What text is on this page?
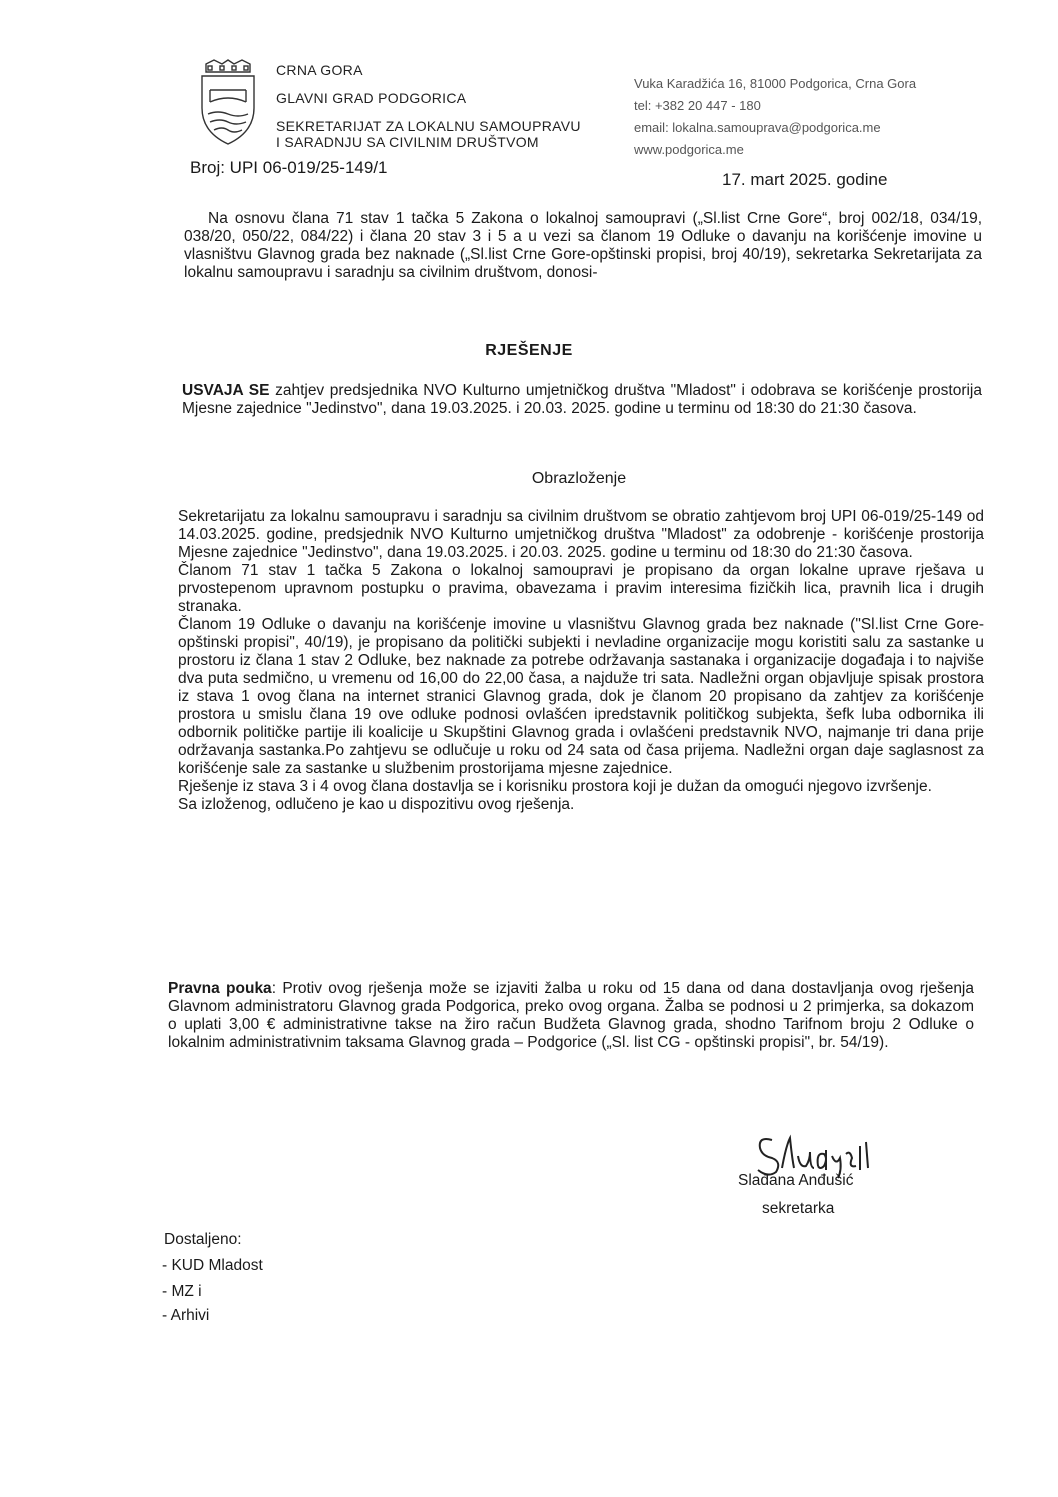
CRNA GORA
GLAVNI GRAD PODGORICA
SEKRETARIJAT ZA LOKALNU SAMOUPRAVU
I SARADNJU SA CIVILNIM DRUŠTVOM
Vuka Karadžića 16, 81000 Podgorica, Crna Gora
tel: +382 20 447 - 180
email: lokalna.samouprava@podgorica.me
www.podgorica.me
Broj: UPI 06-019/25-149/1
17. mart 2025. godine

Na osnovu člana 71 stav 1 tačka 5 Zakona o lokalnoj samoupravi („Sl.list Crne Gore“, broj 002/18, 034/19, 038/20, 050/22, 084/22) i člana 20 stav 3 i 5 a u vezi sa članom 19 Odluke o davanju na korišćenje imovine u vlasništvu Glavnog grada bez naknade („Sl.list Crne Gore-opštinski propisi, broj 40/19), sekretarka Sekretarijata za lokalnu samoupravu i saradnju sa civilnim društvom, donosi-

RJEŠENJE

USVAJA SE zahtjev predsjednika NVO Kulturno umjetničkog društva "Mladost" i odobrava se korišćenje prostorija Mjesne zajednice "Jedinstvo", dana 19.03.2025. i 20.03. 2025. godine u terminu od 18:30 do 21:30 časova.

Obrazloženje

Sekretarijatu za lokalnu samoupravu i saradnju sa civilnim društvom se obratio zahtjevom broj UPI 06-019/25-149 od 14.03.2025. godine, predsjednik NVO Kulturno umjetničkog društva "Mladost" za odobrenje - korišćenje prostorija Mjesne zajednice "Jedinstvo", dana 19.03.2025. i 20.03. 2025. godine u terminu od 18:30 do 21:30 časova.

Članom 71 stav 1 tačka 5 Zakona o lokalnoj samoupravi je propisano da organ lokalne uprave rješava u prvostepenom upravnom postupku o pravima, obavezama i pravim interesima fizičkih lica, pravnih lica i drugih stranaka.

Članom 19 Odluke o davanju na korišćenje imovine u vlasništvu Glavnog grada bez naknade ("Sl.list Crne Gore-opštinski propisi", 40/19), je propisano da politički subjekti i nevladine organizacije mogu koristiti salu za sastanke u prostoru iz člana 1 stav 2 Odluke, bez naknade za potrebe održavanja sastanaka i organizacije događaja i to najviše dva puta sedmično, u vremenu od 16,00 do 22,00 časa, a najduže tri sata. Nadležni organ objavljuje spisak prostora iz stava 1 ovog člana na internet stranici Glavnog grada, dok je članom 20 propisano da zahtjev za korišćenje prostora u smislu člana 19 ove odluke podnosi ovlašćen ipredstavnik političkog subjekta, šefk luba odbornika ili odbornik političke partije ili koalicije u Skupštini Glavnog grada i ovlašćeni predstavnik NVO, najmanje tri dana prije održavanja sastanka.Po zahtjevu se odlučuje u roku od 24 sata od časa prijema. Nadležni organ daje saglasnost za korišćenje sale za sastanke u službenim prostorijama mjesne zajednice.

Rješenje iz stava 3 i 4 ovog člana dostavlja se i korisniku prostora koji je dužan da omogući njegovo izvršenje.

Sa izloženog, odlučeno je kao u dispozitivu ovog rješenja.

Pravna pouka: Protiv ovog rješenja može se izjaviti žalba u roku od 15 dana od dana dostavljanja ovog rješenja Glavnom administratoru Glavnog grada Podgorica, preko ovog organa. Žalba se podnosi u 2 primjerka, sa dokazom o uplati 3,00 € administrativne takse na žiro račun Budžeta Glavnog grada, shodno Tarifnom broju 2 Odluke o lokalnim administrativnim taksama Glavnog grada – Podgorice („Sl. list CG - opštinski propisi", br. 54/19).

Slađana Anđušić
sekretarka
Dostaljeno:
- KUD Mladost
- MZ i
- Arhivi
